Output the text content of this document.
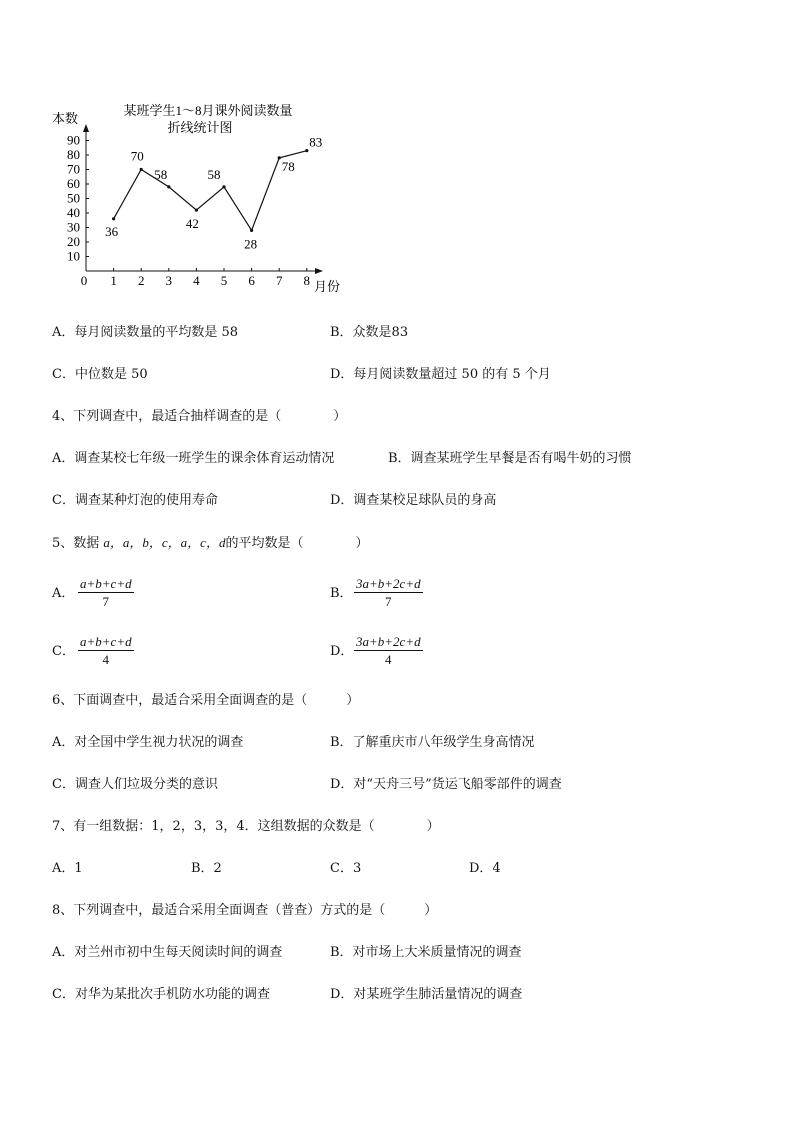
某班学生1～8月课外阅读数量
折线统计图
本数
月份
10
20
30
40
50
60
70
80
90
0 1 2 3 4 5 6 7 8
36
70
58
42
58
28
78
83
A．每月阅读数量的平均数是 58	B．众数是83
C．中位数是 50	D．每月阅读数量超过 50 的有 5 个月
4、下列调查中，最适合抽样调查的是（　　　　）
A．调查某校七年级一班学生的课余体育运动情况	B．调查某班学生早餐是否有喝牛奶的习惯
C．调查某种灯泡的使用寿命	D．调查某校足球队员的身高
5、数据 a，a，b，c，a，c，d的平均数是（　　　　）
A． $\frac{a+b+c+d}{7}$	B． $\frac{3a+b+2c+d}{7}$
C． $\frac{a+b+c+d}{4}$	D． $\frac{3a+b+2c+d}{4}$
6、下面调查中，最适合采用全面调查的是（　　　）
A．对全国中学生视力状况的调查	B．了解重庆市八年级学生身高情况
C．调查人们垃圾分类的意识	D．对“天舟三号”货运飞船零部件的调查
7、有一组数据：1，2，3，3，4．这组数据的众数是（　　　　）
A．1	B．2	C．3	D．4
8、下列调查中，最适合采用全面调查（普查）方式的是（　　　）
A．对兰州市初中生每天阅读时间的调查	B．对市场上大米质量情况的调查
C．对华为某批次手机防水功能的调查	D．对某班学生肺活量情况的调查
